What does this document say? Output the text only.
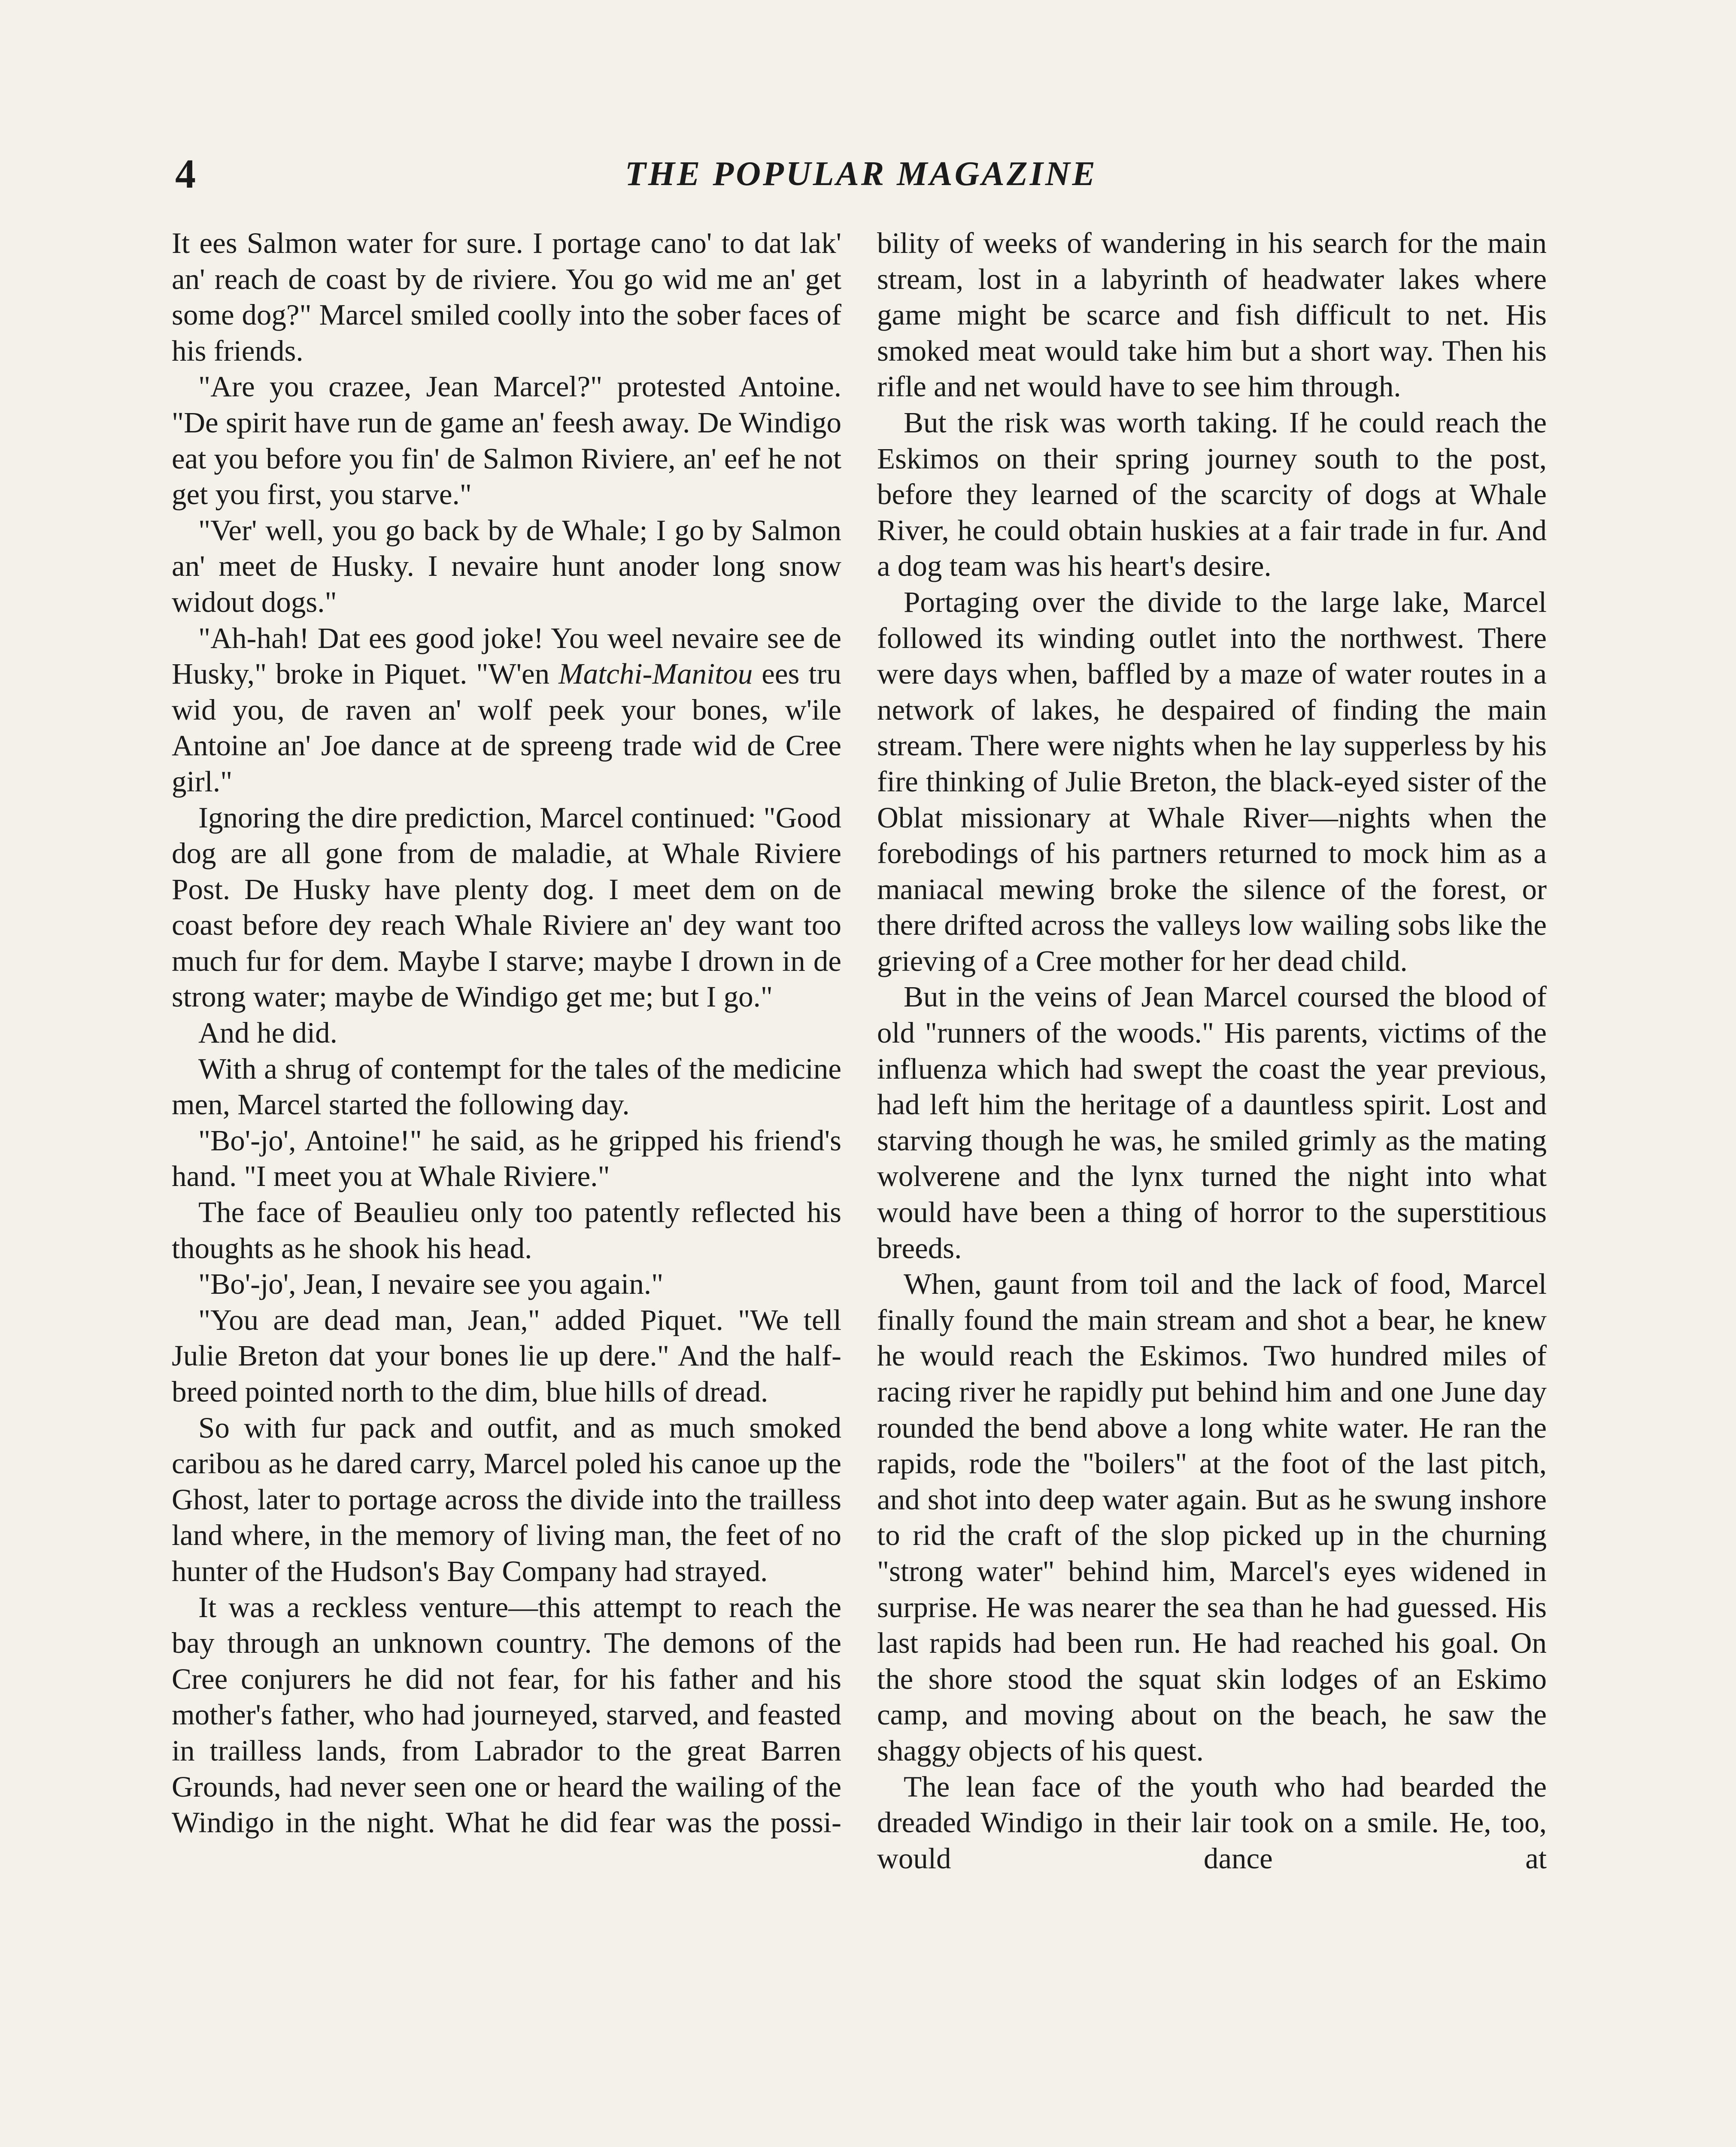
4	THE POPULAR MAGAZINE

It ees Salmon water for sure. I portage cano' to dat lak' an' reach de coast by de riviere. You go wid me an' get some dog?" Marcel smiled coolly into the sober faces of his friends.

"Are you crazee, Jean Marcel?" protested Antoine. "De spirit have run de game an' feesh away. De Windigo eat you before you fin' de Salmon Riviere, an' eef he not get you first, you starve."

"Ver' well, you go back by de Whale; I go by Salmon an' meet de Husky. I nevaire hunt anoder long snow widout dogs."

"Ah-hah! Dat ees good joke! You weel nevaire see de Husky," broke in Piquet. "W'en Matchi-Manitou ees tru wid you, de raven an' wolf peek your bones, w'ile Antoine an' Joe dance at de spreeng trade wid de Cree girl."

Ignoring the dire prediction, Marcel continued: "Good dog are all gone from de maladie, at Whale Riviere Post. De Husky have plenty dog. I meet dem on de coast before dey reach Whale Riviere an' dey want too much fur for dem. Maybe I starve; maybe I drown in de strong water; maybe de Windigo get me; but I go."

And he did.

With a shrug of contempt for the tales of the medicine men, Marcel started the following day.

"Bo'-jo', Antoine!" he said, as he gripped his friend's hand. "I meet you at Whale Riviere."

The face of Beaulieu only too patently reflected his thoughts as he shook his head.

"Bo'-jo', Jean, I nevaire see you again."

"You are dead man, Jean," added Piquet. "We tell Julie Breton dat your bones lie up dere." And the half-breed pointed north to the dim, blue hills of dread.

So with fur pack and outfit, and as much smoked caribou as he dared carry, Marcel poled his canoe up the Ghost, later to portage across the divide into the trailless land where, in the memory of living man, the feet of no hunter of the Hudson's Bay Company had strayed.

It was a reckless venture—this attempt to reach the bay through an unknown country. The demons of the Cree conjurers he did not fear, for his father and his mother's father, who had journeyed, starved, and feasted in trailless lands, from Labrador to the great Barren Grounds, had never seen one or heard the wailing of the Windigo in the night. What he did fear was the possi-

bility of weeks of wandering in his search for the main stream, lost in a labyrinth of headwater lakes where game might be scarce and fish difficult to net. His smoked meat would take him but a short way. Then his rifle and net would have to see him through.

But the risk was worth taking. If he could reach the Eskimos on their spring journey south to the post, before they learned of the scarcity of dogs at Whale River, he could obtain huskies at a fair trade in fur. And a dog team was his heart's desire.

Portaging over the divide to the large lake, Marcel followed its winding outlet into the northwest. There were days when, baffled by a maze of water routes in a network of lakes, he despaired of finding the main stream. There were nights when he lay supperless by his fire thinking of Julie Breton, the black-eyed sister of the Oblat missionary at Whale River—nights when the forebodings of his partners returned to mock him as a maniacal mewing broke the silence of the forest, or there drifted across the valleys low wailing sobs like the grieving of a Cree mother for her dead child.

But in the veins of Jean Marcel coursed the blood of old "runners of the woods." His parents, victims of the influenza which had swept the coast the year previous, had left him the heritage of a dauntless spirit. Lost and starving though he was, he smiled grimly as the mating wolverene and the lynx turned the night into what would have been a thing of horror to the superstitious breeds.

When, gaunt from toil and the lack of food, Marcel finally found the main stream and shot a bear, he knew he would reach the Eskimos. Two hundred miles of racing river he rapidly put behind him and one June day rounded the bend above a long white water. He ran the rapids, rode the "boilers" at the foot of the last pitch, and shot into deep water again. But as he swung inshore to rid the craft of the slop picked up in the churning "strong water" behind him, Marcel's eyes widened in surprise. He was nearer the sea than he had guessed. His last rapids had been run. He had reached his goal. On the shore stood the squat skin lodges of an Eskimo camp, and moving about on the beach, he saw the shaggy objects of his quest.

The lean face of the youth who had bearded the dreaded Windigo in their lair took on a smile. He, too, would dance at
